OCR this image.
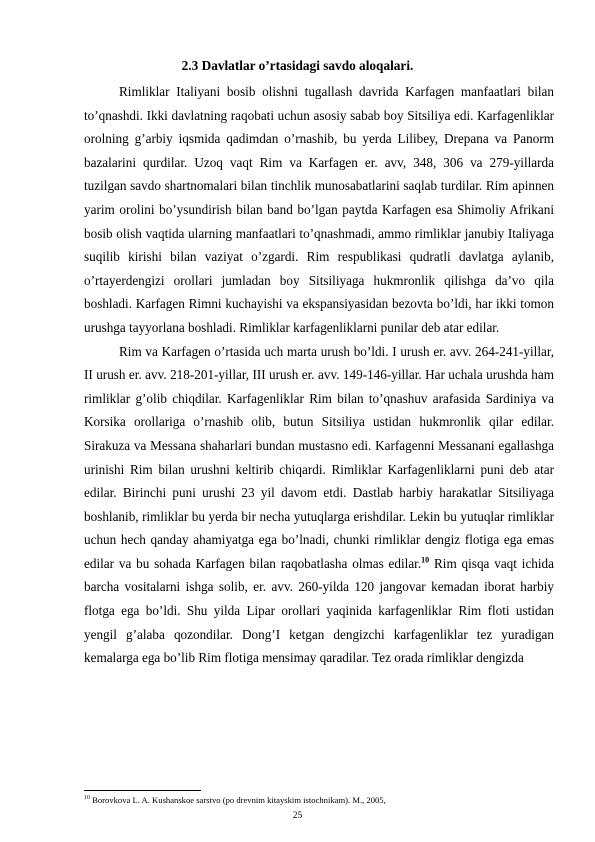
2.3 Davlatlar o’rtasidagi savdo aloqalari.

Rimliklar Italiyani bosib olishni tugallash davrida Karfagen manfaatlari bilan to’qnashdi. Ikki davlatning raqobati uchun asosiy sabab boy Sitsiliya edi. Karfagenliklar orolning g’arbiy iqsmida qadimdan o’rnashib, bu yerda Lilibey, Drepana va Panorm bazalarini qurdilar. Uzoq vaqt Rim va Karfagen er. avv, 348, 306 va 279-yillarda tuzilgan savdo shartnomalari bilan tinchlik munosabatlarini saqlab turdilar. Rim apinnen yarim orolini bo’ysundirish bilan band bo’lgan paytda Karfagen esa Shimoliy Afrikani bosib olish vaqtida ularning manfaatlari to’qnashmadi, ammo rimliklar janubiy Italiyaga suqilib kirishi bilan vaziyat o’zgardi. Rim respublikasi qudratli davlatga aylanib, o’rtayerdengizi orollari jumladan boy Sitsiliyaga hukmronlik qilishga da’vo qila boshladi. Karfagen Rimni kuchayishi va ekspansiyasidan bezovta bo’ldi, har ikki tomon urushga tayyorlana boshladi. Rimliklar karfagenliklarni punilar deb atar edilar.

Rim va Karfagen o’rtasida uch marta urush bo’ldi. I urush er. avv. 264-241-yillar, II urush er. avv. 218-201-yillar, III urush er. avv. 149-146-yillar. Har uchala urushda ham rimliklar g’olib chiqdilar. Karfagenliklar Rim bilan to’qnashuv arafasida Sardiniya va Korsika orollariga o’rnashib olib, butun Sitsiliya ustidan hukmronlik qilar edilar. Sirakuza va Messana shaharlari bundan mustasno edi. Karfagenni Messanani egallashga urinishi Rim bilan urushni keltirib chiqardi. Rimliklar Karfagenliklarni puni deb atar edilar. Birinchi puni urushi 23 yil davom etdi. Dastlab harbiy harakatlar Sitsiliyaga boshlanib, rimliklar bu yerda bir necha yutuqlarga erishdilar. Lekin bu yutuqlar rimliklar uchun hech qanday ahamiyatga ega bo’lnadi, chunki rimliklar dengiz flotiga ega emas edilar va bu sohada Karfagen bilan raqobatlasha olmas edilar.$^{10}$ Rim qisqa vaqt ichida barcha vositalarni ishga solib, er. avv. 260-yilda 120 jangovar kemadan iborat harbiy flotga ega bo’ldi. Shu yilda Lipar orollari yaqinida karfagenliklar Rim floti ustidan yengil g’alaba qozondilar. Dong’I ketgan dengizchi karfagenliklar tez yuradigan kemalarga ega bo’lib Rim flotiga mensimay qaradilar. Tez orada rimliklar dengizda

$^{10}$ Borovkova L. A. Kushanskoe sarstvo (po drevnim kitayskim istochnikam). M., 2005,
25
